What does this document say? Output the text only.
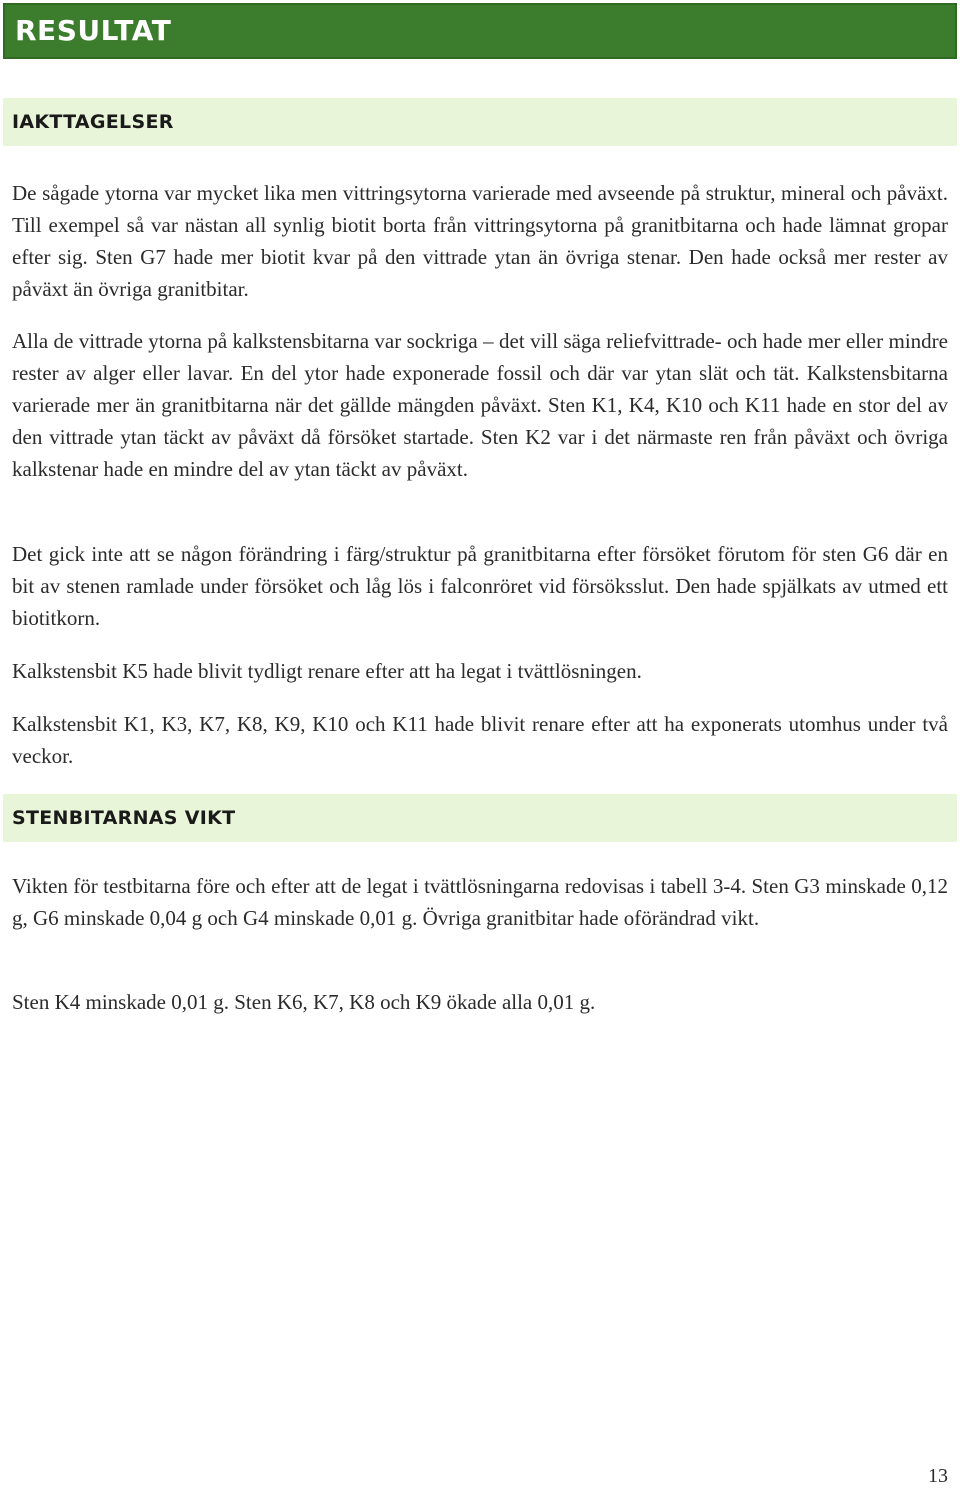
RESULTAT
IAKTTAGELSER

De sågade ytorna var mycket lika men vittringsytorna varierade med avseende på struktur, mineral och påväxt. Till exempel så var nästan all synlig biotit borta från vittringsytorna på granitbitarna och hade lämnat gropar efter sig. Sten G7 hade mer biotit kvar på den vittrade ytan än övriga stenar. Den hade också mer rester av påväxt än övriga granitbitar.

Alla de vittrade ytorna på kalkstensbitarna var sockriga – det vill säga reliefvittrade- och hade mer eller mindre rester av alger eller lavar. En del ytor hade exponerade fossil och där var ytan slät och tät. Kalkstensbitarna varierade mer än granitbitarna när det gällde mängden påväxt. Sten K1, K4, K10 och K11 hade en stor del av den vittrade ytan täckt av påväxt då försöket startade. Sten K2 var i det närmaste ren från påväxt och övriga kalkstenar hade en mindre del av ytan täckt av påväxt.

Det gick inte att se någon förändring i färg/struktur på granitbitarna efter försöket förutom för sten G6 där en bit av stenen ramlade under försöket och låg lös i falconröret vid försöksslut. Den hade spjälkats av utmed ett biotitkorn.

Kalkstensbit K5 hade blivit tydligt renare efter att ha legat i tvättlösningen.

Kalkstensbit K1, K3, K7, K8, K9, K10 och K11 hade blivit renare efter att ha exponerats utomhus under två veckor.

STENBITARNAS VIKT

Vikten för testbitarna före och efter att de legat i tvättlösningarna redovisas i tabell 3-4. Sten G3 minskade 0,12 g, G6 minskade 0,04 g och G4 minskade 0,01 g. Övriga granitbitar hade oförändrad vikt.

Sten K4 minskade 0,01 g. Sten K6, K7, K8 och K9 ökade alla 0,01 g.

13
